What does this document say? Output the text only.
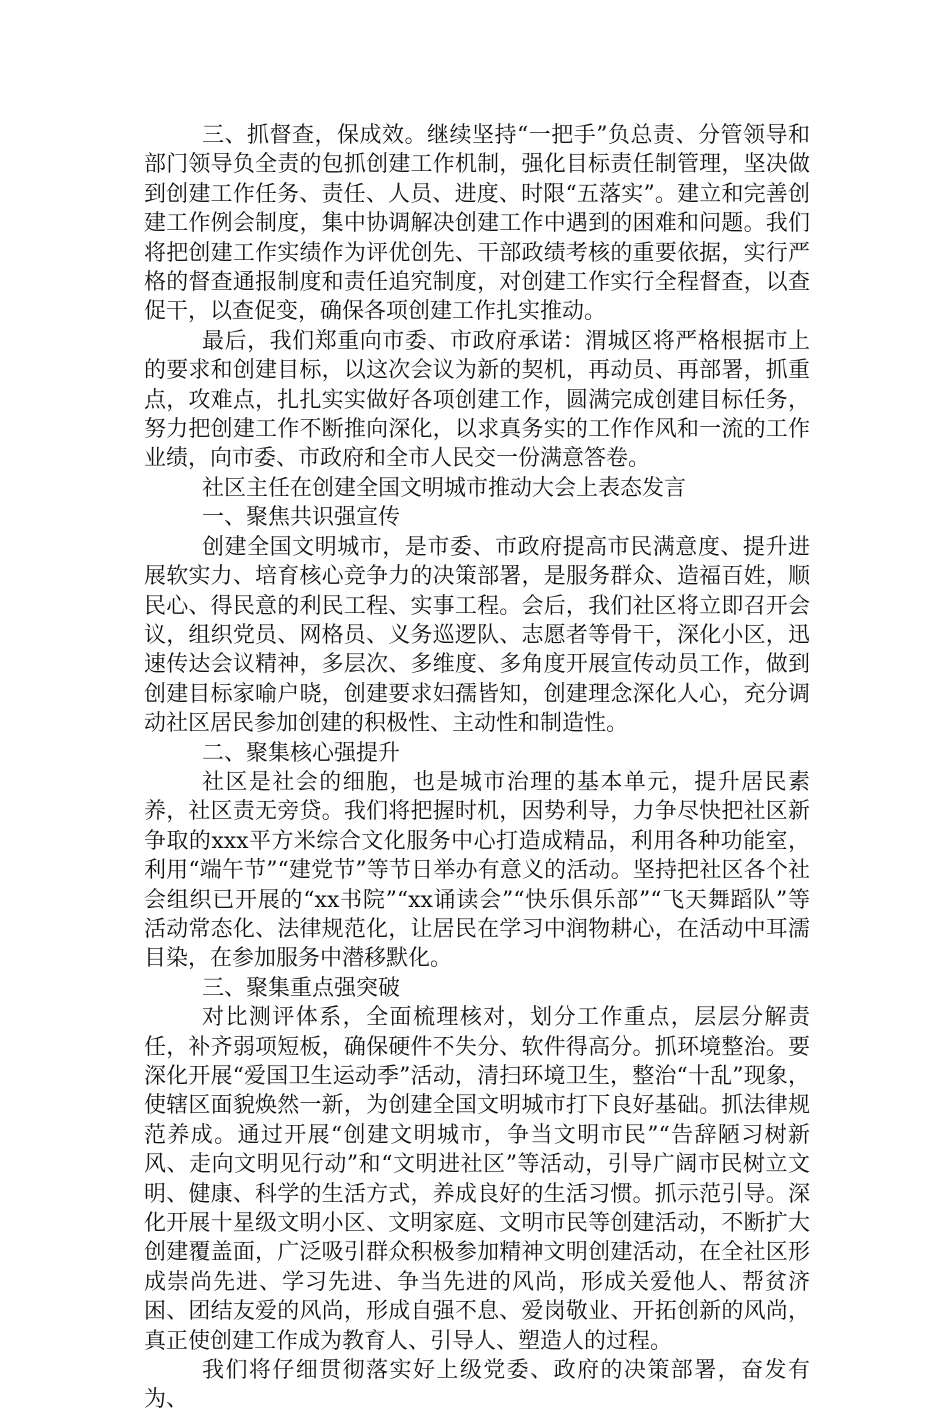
三、抓督查，保成效。继续坚持“一把手”负总责、分管领导和部门领导负全责的包抓创建工作机制，强化目标责任制管理，坚决做到创建工作任务、责任、人员、进度、时限“五落实”。建立和完善创建工作例会制度，集中协调解决创建工作中遇到的困难和问题。我们将把创建工作实绩作为评优创先、干部政绩考核的重要依据，实行严格的督查通报制度和责任追究制度，对创建工作实行全程督查，以查促干，以查促变，确保各项创建工作扎实推动。

最后，我们郑重向市委、市政府承诺：渭城区将严格根据市上的要求和创建目标，以这次会议为新的契机，再动员、再部署，抓重点，攻难点，扎扎实实做好各项创建工作，圆满完成创建目标任务，努力把创建工作不断推向深化，以求真务实的工作作风和一流的工作业绩，向市委、市政府和全市人民交一份满意答卷。

社区主任在创建全国文明城市推动大会上表态发言

一、聚焦共识强宣传

创建全国文明城市，是市委、市政府提高市民满意度、提升进展软实力、培育核心竞争力的决策部署，是服务群众、造福百姓，顺民心、得民意的利民工程、实事工程。会后，我们社区将立即召开会议，组织党员、网格员、义务巡逻队、志愿者等骨干，深化小区，迅速传达会议精神，多层次、多维度、多角度开展宣传动员工作，做到创建目标家喻户晓，创建要求妇孺皆知，创建理念深化人心，充分调动社区居民参加创建的积极性、主动性和制造性。

二、聚集核心强提升

社区是社会的细胞，也是城市治理的基本单元，提升居民素养，社区责无旁贷。我们将把握时机，因势利导，力争尽快把社区新争取的xxx平方米综合文化服务中心打造成精品，利用各种功能室，利用“端午节”“建党节”等节日举办有意义的活动。坚持把社区各个社会组织已开展的“xx书院”“xx诵读会”“快乐俱乐部”“飞天舞蹈队”等活动常态化、法律规范化，让居民在学习中润物耕心，在活动中耳濡目染，在参加服务中潜移默化。

三、聚集重点强突破

对比测评体系，全面梳理核对，划分工作重点，层层分解责任，补齐弱项短板，确保硬件不失分、软件得高分。抓环境整治。要深化开展“爱国卫生运动季”活动，清扫环境卫生，整治“十乱”现象，使辖区面貌焕然一新，为创建全国文明城市打下良好基础。抓法律规范养成。通过开展“创建文明城市，争当文明市民”“告辞陋习树新风、走向文明见行动”和“文明进社区”等活动，引导广阔市民树立文明、健康、科学的生活方式，养成良好的生活习惯。抓示范引导。深化开展十星级文明小区、文明家庭、文明市民等创建活动，不断扩大创建覆盖面，广泛吸引群众积极参加精神文明创建活动，在全社区形成崇尚先进、学习先进、争当先进的风尚，形成关爱他人、帮贫济困、团结友爱的风尚，形成自强不息、爱岗敬业、开拓创新的风尚，真正使创建工作成为教育人、引导人、塑造人的过程。

我们将仔细贯彻落实好上级党委、政府的决策部署，奋发有为、
